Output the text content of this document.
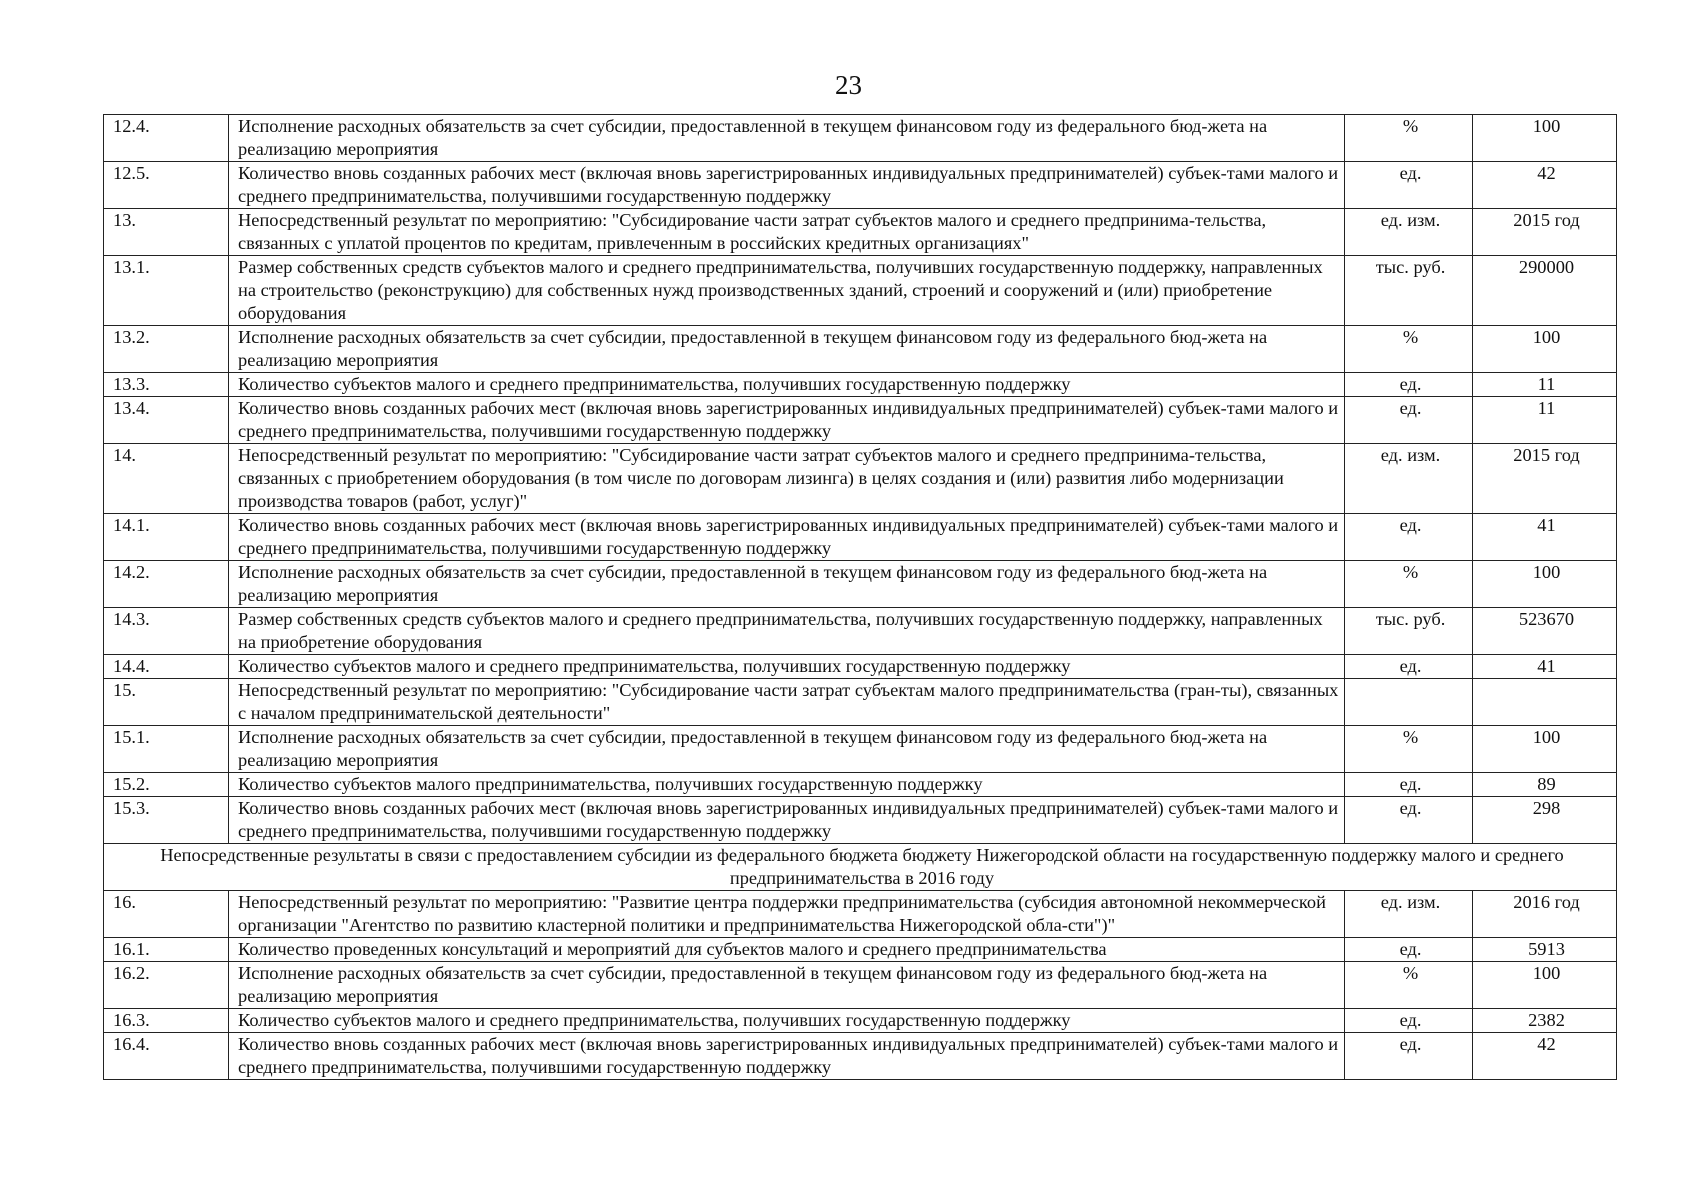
23
12.4.	Исполнение расходных обязательств за счет субсидии, предоставленной в текущем финансовом году из федерального бюд-жета на реализацию мероприятия	%	100
12.5.	Количество вновь созданных рабочих мест (включая вновь зарегистрированных индивидуальных предпринимателей) субъек-тами малого и среднего предпринимательства, получившими государственную поддержку	ед.	42
13.	Непосредственный результат по мероприятию: "Субсидирование части затрат субъектов малого и среднего предпринима-тельства, связанных с уплатой процентов по кредитам, привлеченным в российских кредитных организациях"	ед. изм.	2015 год
13.1.	Размер собственных средств субъектов малого и среднего предпринимательства, получивших государственную поддержку, направленных на строительство (реконструкцию) для собственных нужд производственных зданий, строений и сооружений и (или) приобретение оборудования	тыс. руб.	290000
13.2.	Исполнение расходных обязательств за счет субсидии, предоставленной в текущем финансовом году из федерального бюд-жета на реализацию мероприятия	%	100
13.3.	Количество субъектов малого и среднего предпринимательства, получивших государственную поддержку	ед.	11
13.4.	Количество вновь созданных рабочих мест (включая вновь зарегистрированных индивидуальных предпринимателей) субъек-тами малого и среднего предпринимательства, получившими государственную поддержку	ед.	11
14.	Непосредственный результат по мероприятию: "Субсидирование части затрат субъектов малого и среднего предпринима-тельства, связанных с приобретением оборудования (в том числе по договорам лизинга) в целях создания и (или) развития либо модернизации производства товаров (работ, услуг)"	ед. изм.	2015 год
14.1.	Количество вновь созданных рабочих мест (включая вновь зарегистрированных индивидуальных предпринимателей) субъек-тами малого и среднего предпринимательства, получившими государственную поддержку	ед.	41
14.2.	Исполнение расходных обязательств за счет субсидии, предоставленной в текущем финансовом году из федерального бюд-жета на реализацию мероприятия	%	100
14.3.	Размер собственных средств субъектов малого и среднего предпринимательства, получивших государственную поддержку, направленных на приобретение оборудования	тыс. руб.	523670
14.4.	Количество субъектов малого и среднего предпринимательства, получивших государственную поддержку	ед.	41
15.	Непосредственный результат по мероприятию: "Субсидирование части затрат субъектам малого предпринимательства (гран-ты), связанных с началом предпринимательской деятельности"		
15.1.	Исполнение расходных обязательств за счет субсидии, предоставленной в текущем финансовом году из федерального бюд-жета на реализацию мероприятия	%	100
15.2.	Количество субъектов малого предпринимательства, получивших государственную поддержку	ед.	89
15.3.	Количество вновь созданных рабочих мест (включая вновь зарегистрированных индивидуальных предпринимателей) субъек-тами малого и среднего предпринимательства, получившими государственную поддержку	ед.	298
Непосредственные результаты в связи с предоставлением субсидии из федерального бюджета бюджету Нижегородской области на государственную поддержку малого и среднего предпринимательства в 2016 году			
16.	Непосредственный результат по мероприятию: "Развитие центра поддержки предпринимательства (субсидия автономной некоммерческой организации "Агентство по развитию кластерной политики и предпринимательства Нижегородской обла-сти")"	ед. изм.	2016 год
16.1.	Количество проведенных консультаций и мероприятий для субъектов малого и среднего предпринимательства	ед.	5913
16.2.	Исполнение расходных обязательств за счет субсидии, предоставленной в текущем финансовом году из федерального бюд-жета на реализацию мероприятия	%	100
16.3.	Количество субъектов малого и среднего предпринимательства, получивших государственную поддержку	ед.	2382
16.4.	Количество вновь созданных рабочих мест (включая вновь зарегистрированных индивидуальных предпринимателей) субъек-тами малого и среднего предпринимательства, получившими государственную поддержку	ед.	42
